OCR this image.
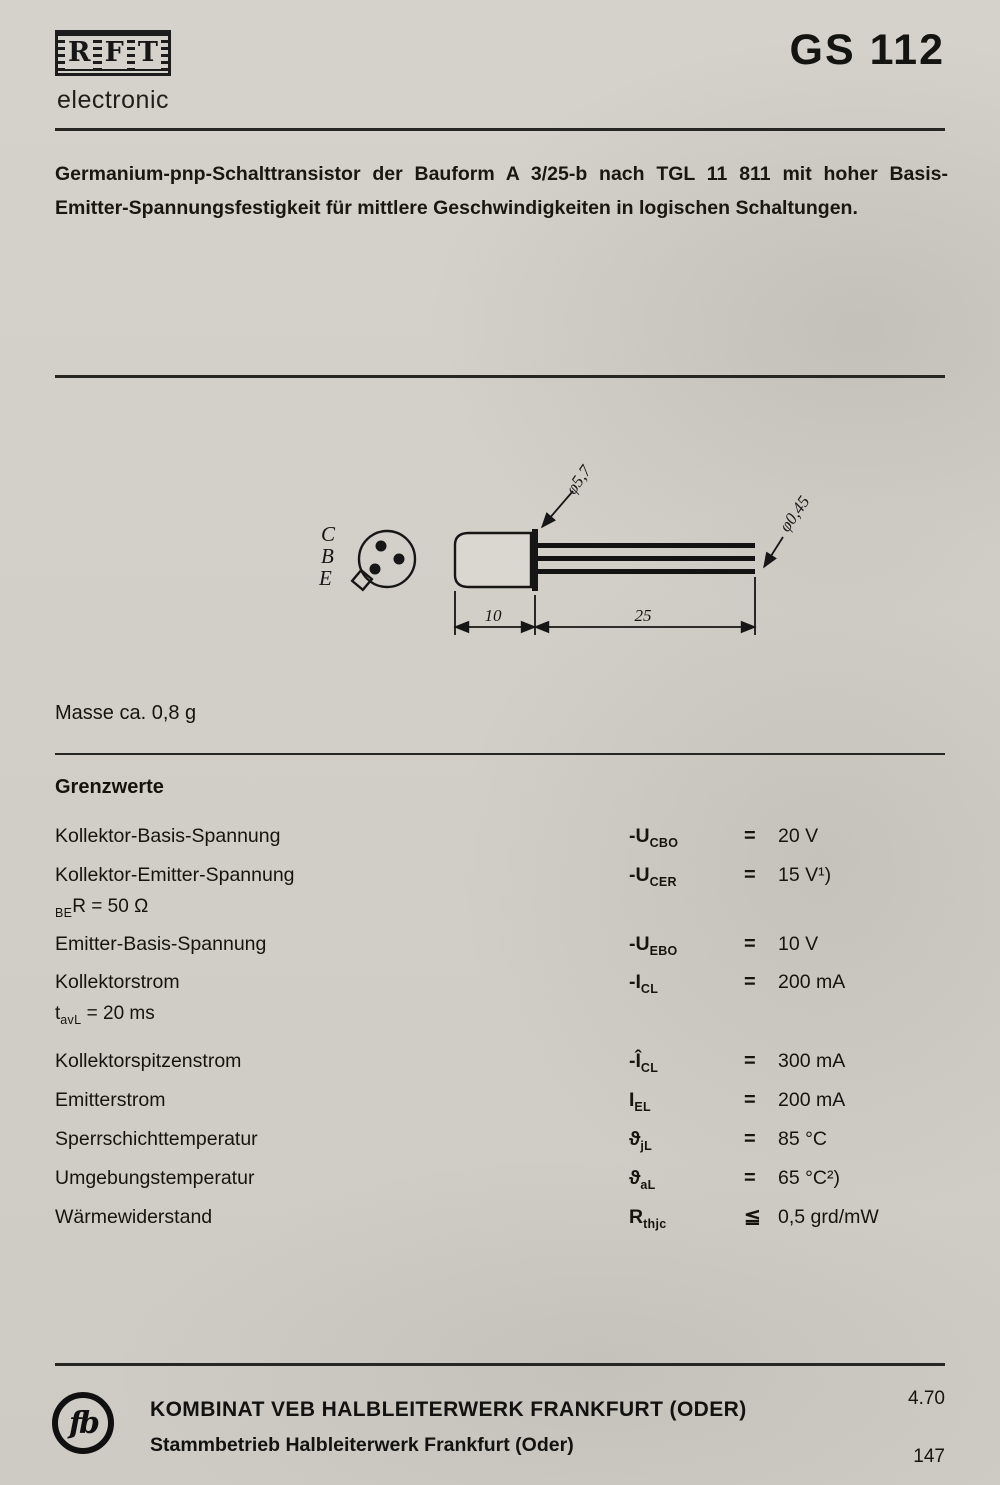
R F T
electronic
GS 112

Germanium-pnp-Schalttransistor der Bauform A 3/25-b nach TGL 11 811 mit hoher Basis-Emitter-Spannungsfestigkeit für mittlere Geschwindigkeiten in logischen Schaltungen.

C
B
E
φ5,7
φ0,45
10	25
Masse ca. 0,8 g
Grenzwerte
Kollektor-Basis-Spannung	$-U_{CBO}$	=	20 V
Kollektor-Emitter-Spannung	$-U_{CER}$	=	15 V¹)
$_{BE}$R = 50 Ω
Emitter-Basis-Spannung	$-U_{EBO}$	=	10 V
Kollektorstrom	$-I_{CL}$	=	200 mA
$t_{avL} = 20$ ms
Kollektorspitzenstrom	$-Î_{CL}$	=	300 mA
Emitterstrom	$I_{EL}$	=	200 mA
Sperrschichttemperatur	$ϑ_{jL}$	=	85 °C
Umgebungstemperatur	$ϑ_{aL}$	=	65 °C²)
Wärmewiderstand	$R_{thjc}$	≦ 0,5 grd/mW
fb	KOMBINAT VEB HALBLEITERWERK FRANKFURT (ODER)
Stammbetrieb Halbleiterwerk Frankfurt (Oder)
4.70
147
